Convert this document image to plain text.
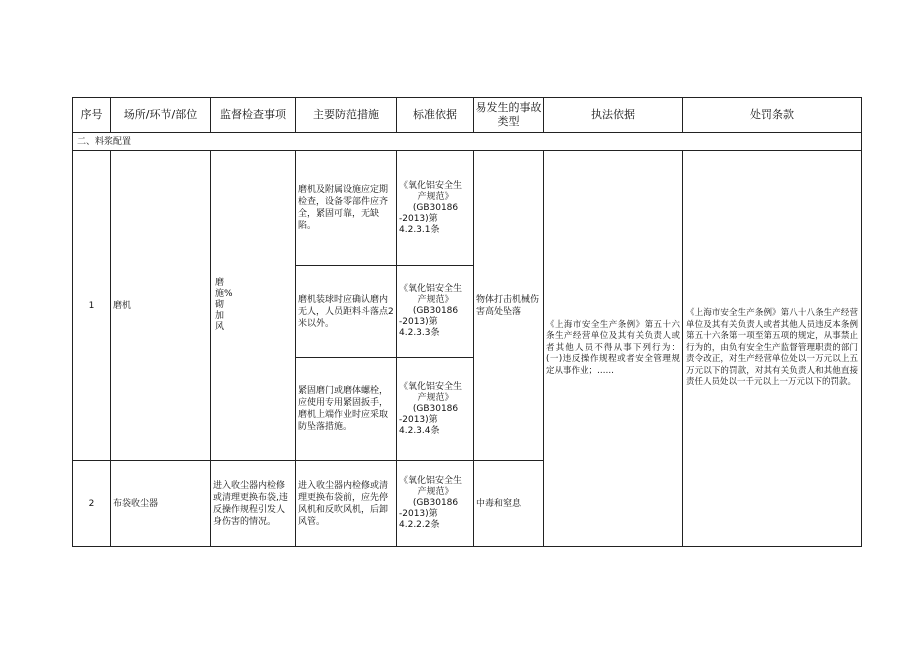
序号	场所/环节/部位	监督检查事项	主要防范措施	标准依据	易发生的事故类型	执法依据	处罚条款
二、料浆配置							
1	磨机	磨施%砌加风	磨机及附属设施应定期检查，设备零部件应齐全，紧固可靠，无缺陷。	《氧化铝安全生
产规范》
(GB30186
-2013)第
4.2.3.1条	物体打击机械伤害高处坠落	《上海市安全生产条例》第五十六条生产经营单位及其有关负责人或者其他人员不得从事下列行为：(一)违反操作规程或者安全管理规定从事作业；……	《上海市安全生产条例》第八十八条生产经营单位及其有关负责人或者其他人员违反本条例第五十六条第一项至第五项的规定，从事禁止行为的，由负有安全生产监督管理职责的部门责令改正，对生产经营单位处以一万元以上五万元以下的罚款，对其有关负责人和其他直接责任人员处以一千元以上一万元以下的罚款。
			磨机装球时应确认磨内无人，人员距料斗落点2米以外。	《氧化铝安全生
产规范》
(GB30186
-2013)第
4.2.3.3条			

			紧固磨门或磨体螺栓，应使用专用紧固扳手，磨机上端作业时应采取防坠落措施。	《氧化铝安全生
产规范》
(GB30186
-2013)第
4.2.3.4条			

2	布袋收尘器	进入收尘器内检修或清理更换布袋,违反操作规程引发人身伤害的情况。	进入收尘器内检修或清理更换布袋前，应先停风机和反吹风机，后卸风管。	《氧化铝安全生
产规范》
(GB30186
-2013)第
4.2.2.2条	中毒和窒息		
